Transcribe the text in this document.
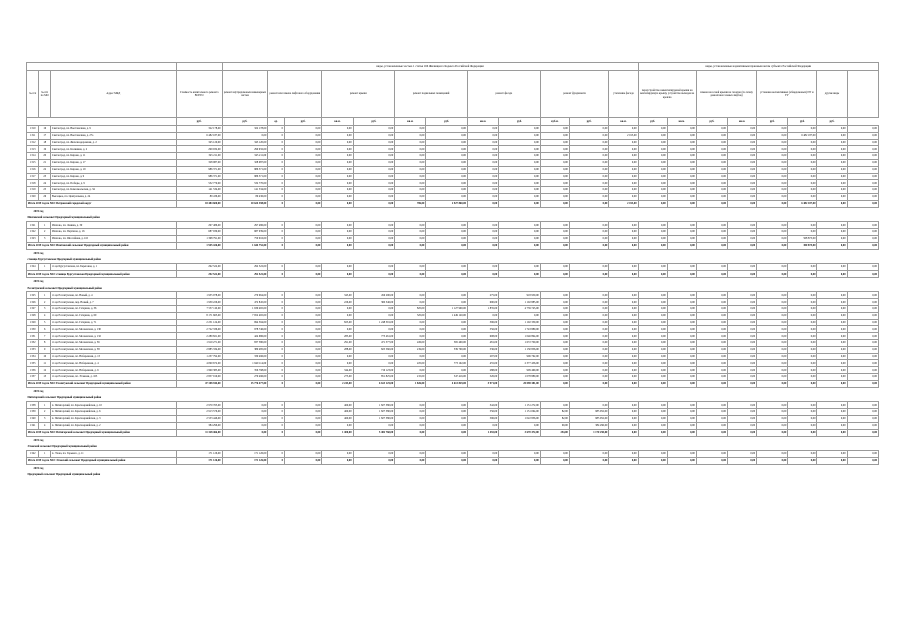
				виды, установленные частью 1 статьи 166 Жилищного Кодекса Российской Федерации												виды, установленные нормативным правовым актом субъекта Российской Федерации							
№ п/п	№ п/п по МО	Адрес МКД	Стоимость капитального ремонта ВСЕГО	ремонт внутридомовых инженерных систем	ремонт или замена лифтового оборудования		ремонт крыши		ремонт подвальных помещений		ремонт фасада		ремонт фундамента		утепление фасада	переустройство невентилируемой крыши на вентилируемую крышу, устройство выходов на кровлю		замена насосной крыши на газовую (по плану демонтажа газовых лифтов)		установка коллективных (общедомовых) ПУ и УУ		другие виды	
			руб.	руб.	ед.	руб.	кв.м.	руб.	кв.м.	руб.	кв.м.	руб.	куб.м.	руб.	кв.м.	руб.	кв.м.	руб.	кв.м.	руб.	руб.	руб.	
1310	16	Светлоград, пл. Выставочная, д. 9	322 178,00	322 178,00	0	0,00	0,00	0,00	0,00	0,00	0,00	0,00	0,00	0,00	0,00	0,00	0,00	0,00	0,00	0,00	0,00	0,00	0,00
1311	17	Светлоград, пл. Выставочная, д. 27а	6 482 187,00	0,00	0	0,00	0,00	0,00	0,00	0,00	0,00	0,00	0,00	0,00	2 013,00	0,00	0,00	0,00	0,00	0,00	6 482 187,00	0,00	0,00
1312	18	Светлоград, пл. Железнодорожная, д. 2	345 120,00	345 120,00	0	0,00	0,00	0,00	0,00	0,00	0,00	0,00	0,00	0,00	0,00	0,00	0,00	0,00	0,00	0,00	0,00	0,00	0,00
1313	19	Светлоград, пл. Калинина, д. 2	299 932,00	299 932,00	0	0,00	0,00	0,00	0,00	0,00	0,00	0,00	0,00	0,00	0,00	0,00	0,00	0,00	0,00	0,00	0,00	0,00	0,00
1314	20	Светлоград, пл. Кирова, д. 11	345 211,00	345 211,00	0	0,00	0,00	0,00	0,00	0,00	0,00	0,00	0,00	0,00	0,00	0,00	0,00	0,00	0,00	0,00	0,00	0,00	0,00
1315	21	Светлоград, пл. Кирова, д. 17	328 987,00	328 987,00	0	0,00	0,00	0,00	0,00	0,00	0,00	0,00	0,00	0,00	0,00	0,00	0,00	0,00	0,00	0,00	0,00	0,00	0,00
1316	22	Светлоград, пл. Кирова, д. 19	986 371,00	986 371,00	0	0,00	0,00	0,00	0,00	0,00	0,00	0,00	0,00	0,00	0,00	0,00	0,00	0,00	0,00	0,00	0,00	0,00	0,00
1317	23	Светлоград, пл. Кирова, д. 9	986 371,00	986 371,00	0	0,00	0,00	0,00	0,00	0,00	0,00	0,00	0,00	0,00	0,00	0,00	0,00	0,00	0,00	0,00	0,00	0,00	0,00
1318	24	Светлоград, пл. Победы, д. 9	532 770,00	532 770,00	0	0,00	0,00	0,00	0,00	0,00	0,00	0,00	0,00	0,00	0,00	0,00	0,00	0,00	0,00	0,00	0,00	0,00	0,00
1319	25	Светлоград, пл. Комсомольская, д. 34	141 534,00	141 534,00	0	0,00	0,00	0,00	0,00	0,00	0,00	0,00	0,00	0,00	0,00	0,00	0,00	0,00	0,00	0,00	0,00	0,00	0,00
1320	26	Высоцкое, пл. Центральная, д. 24	89 436,00	89 436,00	0	0,00	0,00	0,00	0,00	0,00	0,00	0,00	0,00	0,00	0,00	0,00	0,00	0,00	0,00	0,00	0,00	0,00	0,00
Итого 2019 год по МО: Петровский городской округ			18 484 600,00	10 624 398,00	0	0,00	0,00	0,00	786,00	2 927 860,00	0,00	0,00	0,00	0,00	2 013,00	0,00	0,00	0,00	0,00	0,00	6 482 187,00	0,00	0,00
2019 год																							
Ипатовский сельсовет Предгорный муниципальный район																							
1321	1	Ипатово, пл. Ленина, д. 30	297 486,00	297 486,00	0	0,00	0,00	0,00	0,00	0,00	0,00	0,00	0,00	0,00	0,00	0,00	0,00	0,00	0,00	0,00	0,00	0,00	0,00
1322	2	Ипатово, пл. Партизан, д. 16	687 939,00	687 939,00	0	0,00	0,00	0,00	0,00	0,00	0,00	0,00	0,00	0,00	0,00	0,00	0,00	0,00	0,00	0,00	0,00	0,00	0,00
1323	3	Ипатово, пл. Шоссейная, д. 110	1 368 791,00	759 916,00	0	0,00	0,00	0,00	0,00	0,00	0,00	0,00	0,00	0,00	0,00	0,00	0,00	0,00	0,00	0,00	568 875,00	0,00	0,00
Итого 2019 год по МО: Ипатовский сельсовет Предгорный муниципальный район			1 945 426,00	1 644 752,00	0	0,00	0,00	0,00	0,00	0,00	0,00	0,00	0,00	0,00	0,00	0,00	0,00	0,00	0,00	0,00	300 875,00	0,00	0,00
2019 год																							
станица Бургуставская Предгорный муниципальный район																							
1324	1	ст-ца Бургуставская, пл. Береговая, д. 1	292 522,00	292 522,00	0	0,00	0,00	0,00	0,00	0,00	0,00	0,00	0,00	0,00	0,00	0,00	0,00	0,00	0,00	0,00	0,00	0,00	0,00
Итого 2019 год по МО: станица Бургуставская Предгорный муниципальный район			292 522,00	292 522,00	0	0,00	0,00	0,00	0,00	0,00	0,00	0,00	0,00	0,00	0,00	0,00	0,00	0,00	0,00	0,00	0,00	0,00	0,00
2019 год																							
Ессентукский сельсовет Предгорный муниципальный район																							
1325	1	ст-ца Ессентукская, пл. Новый, д. 4	1 935 978,00	279 964,00	0	0,00	345,00	456 290,00	0,00	0,00	275,00	918 950,00	0,00	0,00	0,00	0,00	0,00	0,00	0,00	0,00	0,00	0,00	0,00
1326	2	ст-ца Ессентукская, пер. Новый, д. 7	1 939 226,00	472 845,00	0	0,00	226,00	360 346,00	0,00	0,00	690,00	1 102 885,00	0,00	0,00	0,00	0,00	0,00	0,00	0,00	0,00	0,00	0,00	0,00
1327	3	ст-ца Ессентукская, пл. Гагарина, д. 36	7 557 110,00	1 639 465,00	0	0,00	0,00	0,00	825,00	1 127 900,00	1 835,00	4 739 745,00	0,00	0,00	0,00	0,00	0,00	0,00	0,00	0,00	0,00	0,00	0,00
1328	4	ст-ца Ессентукская, пл. Гагарина, д. 69	8 171 663,00	7 652 465,00	0	0,00	0,00	0,00	325,00	1 449 120,00	0,00	0,00	0,00	0,00	0,00	0,00	0,00	0,00	0,00	0,00	0,00	0,00	0,00
1329	5	ст-ца Ессентукская, пл. Гагарина, д. 71	2 251 124,00	694 394,00	0	0,00	825,00	1 248 391,00	0,00	0,00	396,00	1 102 339,00	0,00	0,00	0,00	0,00	0,00	0,00	0,00	0,00	0,00	0,00	0,00
1330	6	ст-ца Ессентукская, пл. Московская, д. 130	2 722 336,00	978 746,00	0	0,00	0,00	0,00	0,00	0,00	556,00	1 743 880,00	0,00	0,00	0,00	0,00	0,00	0,00	0,00	0,00	0,00	0,00	0,00
1331	7	ст-ца Ессентукская, пл. Московская, д. 132	2 289 821,00	424 686,00	0	0,00	285,00	773 461,00	0,00	0,00	608,00	1 046 894,00	0,00	0,00	0,00	0,00	0,00	0,00	0,00	0,00	0,00	0,00	0,00
1332	8	ст-ца Ессентукская, пл. Московская, д. 36	1 910 271,00	837 380,00	0	0,00	291,00	471 377,00	226,00	365 490,00	481,00	1 672 700,00	0,00	0,00	0,00	0,00	0,00	0,00	0,00	0,00	0,00	0,00	0,00
1333	9	ст-ца Ессентукская, пл. Московская, д. 38	2 885 334,00	389 485,00	0	0,00	288,00	825 560,00	219,00	339 700,00	536,00	1 130 856,00	0,00	0,00	0,00	0,00	0,00	0,00	0,00	0,00	0,00	0,00	0,00
1334	10	ст-ца Ессентукская, пл. Набережная, д. 13	1 237 792,00	330 496,00	0	0,00	0,00	0,00	0,00	0,00	297,00	906 762,00	0,00	0,00	0,00	0,00	0,00	0,00	0,00	0,00	0,00	0,00	0,00
1335	11	ст-ца Ессентукская, пл. Набережная, д. 4	4 090 672,00	1 940 114,00	0	0,00	0,00	0,00	225,00	773 102,00	455,00	2 377 456,00	0,00	0,00	0,00	0,00	0,00	0,00	0,00	0,00	0,00	0,00	0,00
1336	12	ст-ца Ессентукская, пл. Набережная, д. 6	1 990 385,00	356 798,00	0	0,00	344,00	716 123,00	0,00	0,00	288,00	909 469,00	0,00	0,00	0,00	0,00	0,00	0,00	0,00	0,00	0,00	0,00	0,00
1337	13	ст-ца Ессентукская, пл. Этажная, д. 165	2 857 919,00	279 496,00	0	0,00	275,00	851 825,00	215,00	547 416,00	526,00	1 078 880,00	0,00	0,00	0,00	0,00	0,00	0,00	0,00	0,00	0,00	0,00	0,00
Итого 2019 год по МО: Ессентукский сельсовет Предгорный муниципальный район			47 108 944,00	15 776 477,00	0	0,00	2 243,00	6 613 125,00	1 826,00	4 613 829,00	5 971,00	20 098 381,00	0,00	0,00	0,00	0,00	0,00	0,00	0,00	0,00	0,00	0,00	0,00
2019 год																							
Пятигорский сельсовет Предгорный муниципальный район																							
1338	1	п. Пятигорский, пл. Красноармейская, д. 10	2 970 763,00	0,00	0	0,00	460,00	1 827 380,00	0,00	0,00	342,00	1 151 272,00	0,00	0,00	0,00	0,00	0,00	0,00	0,00	0,00	0,00	0,00	0,00
1339	2	п. Пятигорский, пл. Красноармейская, д. 6	2 913 576,00	0,00	0	0,00	460,00	1 827 380,00	0,00	0,00	556,00	1 151 064,00	82,00	985 952,00	0,00	0,00	0,00	0,00	0,00	0,00	0,00	0,00	0,00
1340	3	п. Пятигорский, пл. Красноармейская, д. 3	2 553 446,00	0,00	0	0,00	460,00	1 827 380,00	0,00	0,00	596,00	1 022 836,00	82,00	985 952,00	0,00	0,00	0,00	0,00	0,00	0,00	0,00	0,00	0,00
1341	4	п. Пятигорский, пл. Красноармейская, д. 2	384 296,00	0,00	0	0,00	0,00	0,00	0,00	0,00	0,00	0,00	90,00	384 296,00	0,00	0,00	0,00	0,00	0,00	0,00	0,00	0,00	0,00
Итого 2019 год по МО: Пятигорский сельсовет Предгорный муниципальный район			11 328 466,00	0,00	0	0,00	1 400,00	5 482 760,00	0,00	0,00	1 492,00	3 670 472,00	254,00	1 170 250,00	0,00	0,00	0,00	0,00	0,00	0,00	0,00	0,00	0,00
2019 год																							
Этокский сельсовет Предгорный муниципальный район																							
1342	1	п. Этока, пл. Горького, д. 11	171 126,00	171 126,00	0	0,00	0,00	0,00	0,00	0,00	0,00	0,00	0,00	0,00	0,00	0,00	0,00	0,00	0,00	0,00	0,00	0,00	0,00
Итого 2019 год по МО: Этокский сельсовет Предгорный муниципальный район			171 126,00	171 126,00	0	0,00	0,00	0,00	0,00	0,00	0,00	0,00	0,00	0,00	0,00	0,00	0,00	0,00	0,00	0,00	0,00	0,00	0,00
2019 год																							
Предгорный сельсовет Предгорный муниципальный район																							
